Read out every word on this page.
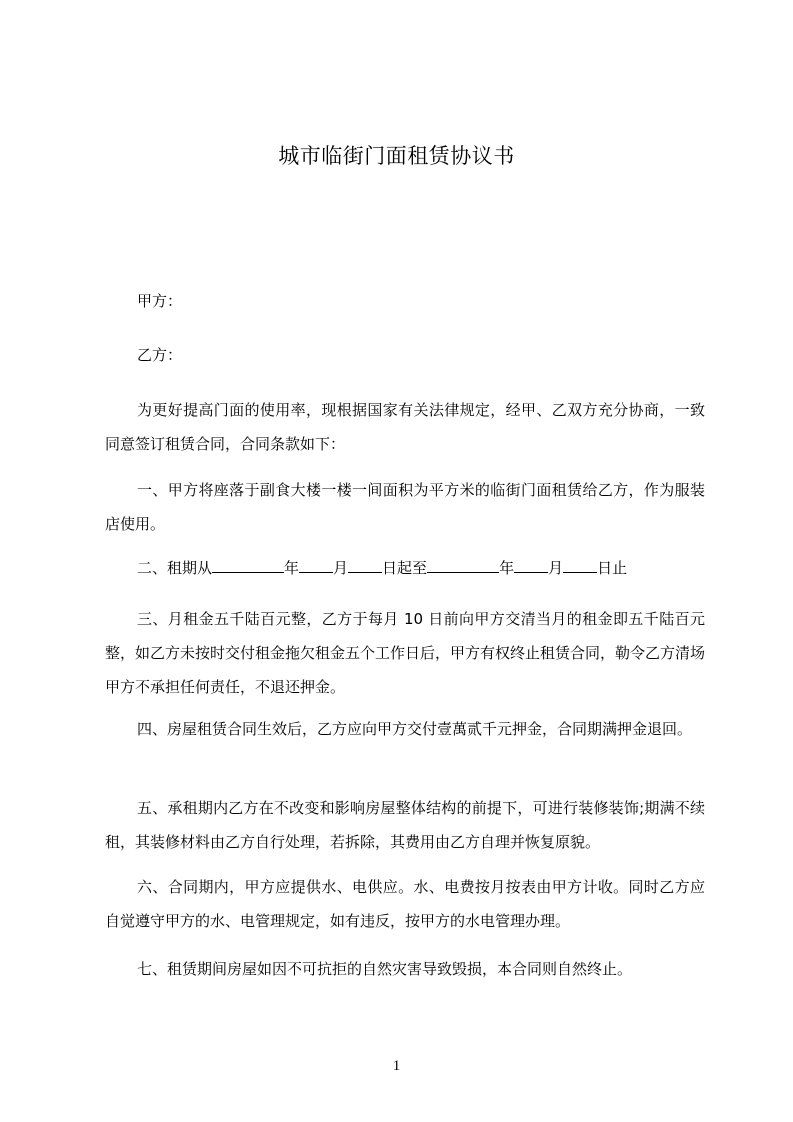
城市临街门面租赁协议书
甲方：
乙方：
为更好提高门面的使用率，现根据国家有关法律规定，经甲、乙双方充分协商，一致同意签订租赁合同，合同条款如下：
一、甲方将座落于副食大楼一楼一间面积为平方米的临街门面租赁给乙方，作为服装店使用。
二、租期从	年 月 日起至	年 月 日止
三、月租金五千陆百元整，乙方于每月 10 日前向甲方交清当月的租金即五千陆百元整，如乙方未按时交付租金拖欠租金五个工作日后，甲方有权终止租赁合同，勒令乙方清场甲方不承担任何责任，不退还押金。
四、房屋租赁合同生效后，乙方应向甲方交付壹萬贰千元押金，合同期满押金退回。
五、承租期内乙方在不改变和影响房屋整体结构的前提下，可进行装修装饰;期满不续租，其装修材料由乙方自行处理，若拆除，其费用由乙方自理并恢复原貌。
六、合同期内，甲方应提供水、电供应。水、电费按月按表由甲方计收。同时乙方应自觉遵守甲方的水、电管理规定，如有违反，按甲方的水电管理办理。
七、租赁期间房屋如因不可抗拒的自然灾害导致毁损，本合同则自然终止。
1
